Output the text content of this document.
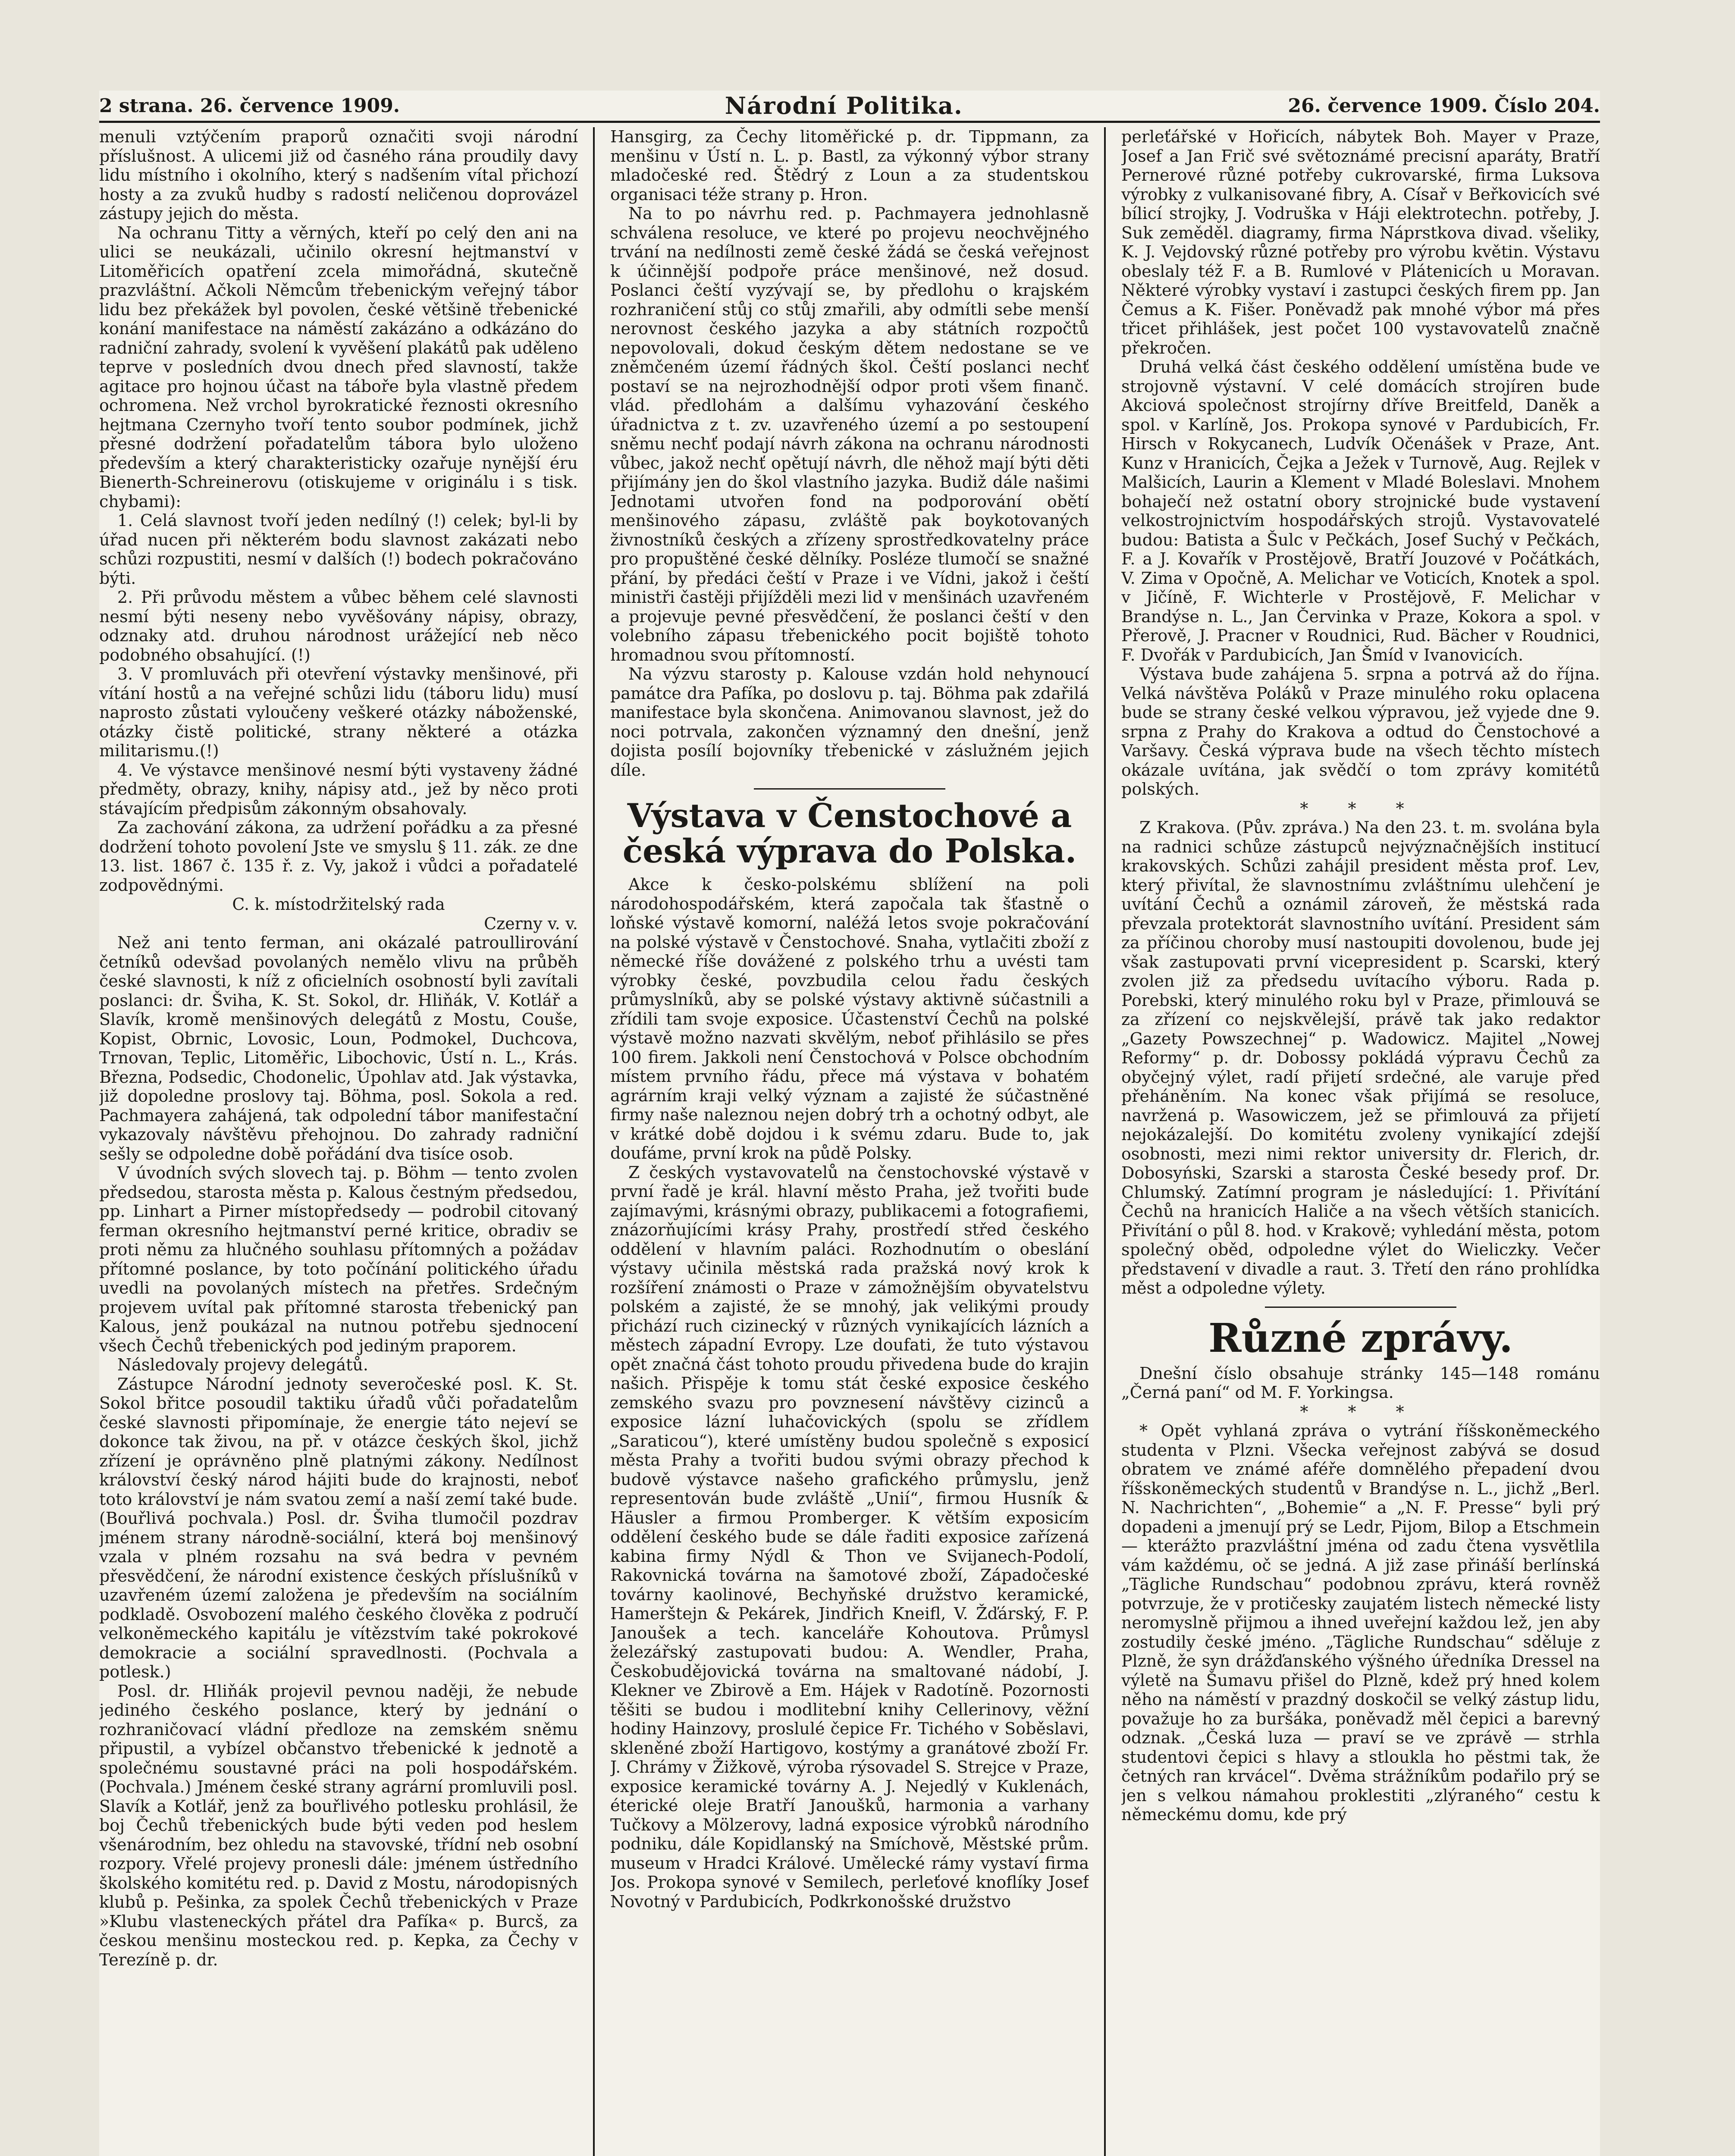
2 strana. 26. července 1909.	Národní Politika.	26. července 1909. Číslo 204.

menuli vztýčením praporů označiti svoji národní příslušnost. A ulicemi již od časného rána proudily davy lidu místního i okolního, který s nadšením vítal přichozí hosty a za zvuků hudby s radostí neličenou doprovázel zástupy jejich do města.

Na ochranu Titty a věrných, kteří po celý den ani na ulici se neukázali, učinilo okresní hejtmanství v Litoměřicích opatření zcela mimořádná, skutečně prazvláštní. Ačkoli Němcům třebenickým veřejný tábor lidu bez překážek byl povolen, české většině třebenické konání manifestace na náměstí zakázáno a odkázáno do radniční zahrady, svolení k vyvěšení plakátů pak uděleno teprve v posledních dvou dnech před slavností, takže agitace pro hojnou účast na táboře byla vlastně předem ochromena. Než vrchol byrokratické řeznosti okresního hejtmana Czernyho tvoří tento soubor podmínek, jichž přesné dodržení pořadatelům tábora bylo uloženo především a který charakteristicky ozařuje nynější éru Bienerth-Schreinerovu (otiskujeme v originálu i s tisk. chybami):

1. Celá slavnost tvoří jeden nedílný (!) celek; byl-li by úřad nucen při některém bodu slavnost zakázati nebo schůzi rozpustiti, nesmí v dalších (!) bodech pokračováno býti.

2. Při průvodu městem a vůbec během celé slavnosti nesmí býti neseny nebo vyvěšovány nápisy, obrazy, odznaky atd. druhou národnost urážející neb něco podobného obsahující. (!)

3. V promluvách při otevření výstavky menšinové, při vítání hostů a na veřejné schůzi lidu (táboru lidu) musí naprosto zůstati vyloučeny veškeré otázky náboženské, otázky čistě politické, strany některé a otázka militarismu.(!)

4. Ve výstavce menšinové nesmí býti vystaveny žádné předměty, obrazy, knihy, nápisy atd., jež by něco proti stávajícím předpisům zákonným obsahovaly.

Za zachování zákona, za udržení pořádku a za přesné dodržení tohoto povolení Jste ve smyslu § 11. zák. ze dne 13. list. 1867 č. 135 ř. z. Vy, jakož i vůdci a pořadatelé zodpovědnými.

C. k. místodržitelský rada

Czerny v. v.

Než ani tento ferman, ani okázalé patroullirování četníků odevšad povolaných nemělo vlivu na průběh české slavnosti, k níž z oficielních osobností byli zavítali poslanci: dr. Šviha, K. St. Sokol, dr. Hliňák, V. Kotlář a Slavík, kromě menšinových delegátů z Mostu, Couše, Kopist, Obrnic, Lovosic, Loun, Podmokel, Duchcova, Trnovan, Teplic, Litoměřic, Libochovic, Ústí n. L., Krás. Března, Podsedic, Chodonelic, Úpohlav atd. Jak výstavka, již dopoledne proslovy taj. Böhma, posl. Sokola a red. Pachmayera zahájená, tak odpolední tábor manifestační vykazovaly návštěvu přehojnou. Do zahrady radniční sešly se odpoledne době pořádání dva tisíce osob.

V úvodních svých slovech taj. p. Böhm — tento zvolen předsedou, starosta města p. Kalous čestným předsedou, pp. Linhart a Pirner místopředsedy — podrobil citovaný ferman okresního hejtmanství perné kritice, obradiv se proti němu za hlučného souhlasu přítomných a požádav přítomné poslance, by toto počínání politického úřadu uvedli na povolaných místech na přetřes. Srdečným projevem uvítal pak přítomné starosta třebenický pan Kalous, jenž poukázal na nutnou potřebu sjednocení všech Čechů třebenických pod jediným praporem.

Následovaly projevy delegátů.

Zástupce Národní jednoty severočeské posl. K. St. Sokol břitce posoudil taktiku úřadů vůči pořadatelům české slavnosti připomínaje, že energie táto nejeví se dokonce tak živou, na př. v otázce českých škol, jichž zřízení je oprávněno plně platnými zákony. Nedílnost království český národ hájiti bude do krajnosti, neboť toto království je nám svatou zemí a naší zemí také bude. (Bouřlivá pochvala.) Posl. dr. Šviha tlumočil pozdrav jménem strany národně-sociální, která boj menšinový vzala v plném rozsahu na svá bedra v pevném přesvědčení, že národní existence českých příslušníků v uzavřeném území založena je především na sociálním podkladě. Osvobození malého českého člověka z područí velkoněmeckého kapitálu je vítězstvím také pokrokové demokracie a sociální spravedlnosti. (Pochvala a potlesk.)

Posl. dr. Hliňák projevil pevnou naději, že nebude jediného českého poslance, který by jednání o rozhraničovací vládní předloze na zemském sněmu připustil, a vybízel občanstvo třebenické k jednotě a společnému soustavné práci na poli hospodářském. (Pochvala.) Jménem české strany agrární promluvili posl. Slavík a Kotlář, jenž za bouřlivého potlesku prohlásil, že boj Čechů třebenických bude býti veden pod heslem všenárodním, bez ohledu na stavovské, třídní neb osobní rozpory. Vřelé projevy pronesli dále: jménem ústředního školského komitétu red. p. David z Mostu, národopisných klubů p. Pešinka, za spolek Čechů třebenických v Praze »Klubu vlasteneckých přátel dra Pafíka« p. Burcš, za českou menšinu mosteckou red. p. Kepka, za Čechy v Terezíně p. dr.

Hansgirg, za Čechy litoměřické p. dr. Tippmann, za menšinu v Ústí n. L. p. Bastl, za výkonný výbor strany mladočeské red. Štědrý z Loun a za studentskou organisaci téže strany p. Hron.

Na to po návrhu red. p. Pachmayera jednohlasně schválena resoluce, ve které po projevu neochvějného trvání na nedílnosti země české žádá se česká veřejnost k účinnější podpoře práce menšinové, než dosud. Poslanci čeští vyzývají se, by předlohu o krajském rozhraničení stůj co stůj zmařili, aby odmítli sebe menší nerovnost českého jazyka a aby státních rozpočtů nepovolovali, dokud českým dětem nedostane se ve zněmčeném území řádných škol. Čeští poslanci nechť postaví se na nejrozhodnější odpor proti všem finanč. vlád. předlohám a dalšímu vyhazování českého úřadnictva z t. zv. uzavřeného území a po sestoupení sněmu nechť podají návrh zákona na ochranu národnosti vůbec, jakož nechť opětují návrh, dle něhož mají býti děti přijímány jen do škol vlastního jazyka. Budiž dále našimi Jednotami utvořen fond na podporování obětí menšinového zápasu, zvláště pak boykotovaných živnostníků českých a zřízeny sprostředkovatelny práce pro propuštěné české dělníky. Posléze tlumočí se snažné přání, by předáci čeští v Praze i ve Vídni, jakož i čeští ministři častěji přijížděli mezi lid v menšinách uzavřeném a projevuje pevné přesvědčení, že poslanci čeští v den volebního zápasu třebenického pocit bojiště tohoto hromadnou svou přítomností.

Na výzvu starosty p. Kalouse vzdán hold nehynoucí památce dra Pafíka, po doslovu p. taj. Böhma pak zdařilá manifestace byla skončena. Animovanou slavnost, jež do noci potrvala, zakončen významný den dnešní, jenž dojista posílí bojovníky třebenické v záslužném jejich díle.

Výstava v Čenstochové a česká výprava do Polska.

Akce k česko-polskému sblížení na poli národohospodářském, která započala tak šťastně o loňské výstavě komorní, naléžá letos svoje pokračování na polské výstavě v Čenstochové. Snaha, vytlačiti zboží z německé říše dovážené z polského trhu a uvésti tam výrobky české, povzbudila celou řadu českých průmyslníků, aby se polské výstavy aktivně súčastnili a zřídili tam svoje exposice. Účastenství Čechů na polské výstavě možno nazvati skvělým, neboť přihlásilo se přes 100 firem. Jakkoli není Čenstochová v Polsce obchodním místem prvního řádu, přece má výstava v bohatém agrárním kraji velký význam a zajisté že súčastněné firmy naše naleznou nejen dobrý trh a ochotný odbyt, ale v krátké době dojdou i k svému zdaru. Bude to, jak doufáme, první krok na půdě Polsky.

Z českých vystavovatelů na čenstochovské výstavě v první řadě je král. hlavní město Praha, jež tvořiti bude zajímavými, krásnými obrazy, publikacemi a fotografiemi, znázorňujícími krásy Prahy, prostředí střed českého oddělení v hlavním paláci. Rozhodnutím o obeslání výstavy učinila městská rada pražská nový krok k rozšíření známosti o Praze v zámožnějším obyvatelstvu polském a zajisté, že se mnohý, jak velikými proudy přichází ruch cizinecký v různých vynikajících lázních a městech západní Evropy. Lze doufati, že tuto výstavou opět značná část tohoto proudu přivedena bude do krajin našich. Přispěje k tomu stát české exposice českého zemského svazu pro povznesení návštěvy cizinců a exposice lázní luhačovických (spolu se zřídlem „Saraticou“), které umístěny budou společně s exposicí města Prahy a tvořiti budou svými obrazy přechod k budově výstavce našeho grafického průmyslu, jenž representován bude zvláště „Unií“, firmou Husník & Häusler a firmou Promberger. K větším exposicím oddělení českého bude se dále řaditi exposice zařízená kabina firmy Nýdl & Thon ve Svijanech-Podolí, Rakovnická továrna na šamotové zboží, Západočeské továrny kaolinové, Bechyňské družstvo keramické, Hamerštejn & Pekárek, Jindřich Kneifl, V. Žďárský, F. P. Janoušek a tech. kanceláře Kohoutova. Průmysl železářský zastupovati budou: A. Wendler, Praha, Českobudějovická továrna na smaltované nádobí, J. Klekner ve Zbirově a Em. Hájek v Radotíně. Pozornosti těšiti se budou i modlitební knihy Cellerinovy, věžní hodiny Hainzovy, proslulé čepice Fr. Tichého v Soběslavi, skleněné zboží Hartigovo, kostýmy a granátové zboží Fr. J. Chrámy v Žižkově, výroba rýsovadel S. Strejce v Praze, exposice keramické továrny A. J. Nejedlý v Kuklenách, éterické oleje Bratří Janoušků, harmonia a varhany Tučkovy a Mölzerovy, ladná exposice výrobků národního podniku, dále Kopidlanský na Smíchově, Městské prům. museum v Hradci Králové. Umělecké rámy vystaví firma Jos. Prokopa synové v Semilech, perleťové knoflíky Josef Novotný v Pardubicích, Podkrkonošské družstvo

perleťářské v Hořicích, nábytek Boh. Mayer v Praze, Josef a Jan Frič své světoznámé precisní aparáty, Bratří Pernerové různé potřeby cukrovarské, firma Luksova výrobky z vulkanisované fibry, A. Císař v Beřkovicích své bílicí strojky, J. Vodruška v Háji elektrotechn. potřeby, J. Suk zeměděl. diagramy, firma Náprstkova divad. všeliky, K. J. Vejdovský různé potřeby pro výrobu květin. Výstavu obeslaly též F. a B. Rumlové v Plátenicích u Moravan. Některé výrobky vystaví i zastupci českých firem pp. Jan Čemus a K. Fišer. Poněvadž pak mnohé výbor má přes třicet přihlášek, jest počet 100 vystavovatelů značně překročen.

Druhá velká část českého oddělení umístěna bude ve strojovně výstavní. V celé domácích strojíren bude Akciová společnost strojírny dříve Breitfeld, Daněk a spol. v Karlíně, Jos. Prokopa synové v Pardubicích, Fr. Hirsch v Rokycanech, Ludvík Očenášek v Praze, Ant. Kunz v Hranicích, Čejka a Ježek v Turnově, Aug. Rejlek v Malšicích, Laurin a Klement v Mladé Boleslavi. Mnohem bohaječí než ostatní obory strojnické bude vystavení velkostrojnictvím hospodářských strojů. Vystavovatelé budou: Batista a Šulc v Pečkách, Josef Suchý v Pečkách, F. a J. Kovařík v Prostějově, Bratří Jouzové v Počátkách, V. Zima v Opočně, A. Melichar ve Voticích, Knotek a spol. v Jičíně, F. Wichterle v Prostějově, F. Melichar v Brandýse n. L., Jan Červinka v Praze, Kokora a spol. v Přerově, J. Pracner v Roudnici, Rud. Bächer v Roudnici, F. Dvořák v Pardubicích, Jan Šmíd v Ivanovicích.

Výstava bude zahájena 5. srpna a potrvá až do října. Velká návštěva Poláků v Praze minulého roku oplacena bude se strany české velkou výpravou, jež vyjede dne 9. srpna z Prahy do Krakova a odtud do Čenstochové a Varšavy. Česká výprava bude na všech těchto místech okázale uvítána, jak svědčí o tom zprávy komitétů polských.

* * *

Z Krakova. (Pův. zpráva.) Na den 23. t. m. svolána byla na radnici schůze zástupců nejvýznačnějších institucí krakovských. Schůzi zahájil president města prof. Lev, který přivítal, že slavnostnímu zvláštnímu ulehčení je uvítání Čechů a oznámil zároveň, že městská rada převzala protektorát slavnostního uvítání. President sám za příčinou choroby musí nastoupiti dovolenou, bude jej však zastupovati první vicepresident p. Scarski, který zvolen již za předsedu uvítacího výboru. Rada p. Porebski, který minulého roku byl v Praze, přimlouvá se za zřízení co nejskvělejší, právě tak jako redaktor „Gazety Powszechnej“ p. Wadowicz. Majitel „Nowej Reformy“ p. dr. Dobossy pokládá výpravu Čechů za obyčejný výlet, radí přijetí srdečné, ale varuje před přeháněním. Na konec však přijímá se resoluce, navržená p. Wasowiczem, jež se přimlouvá za přijetí nejokázalejší. Do komitétu zvoleny vynikající zdejší osobnosti, mezi nimi rektor university dr. Flerich, dr. Dobosyński, Szarski a starosta České besedy prof. Dr. Chlumský. Zatímní program je následující: 1. Přivítání Čechů na hranicích Haliče a na všech větších stanicích. Přivítání o půl 8. hod. v Krakově; vyhledání města, potom společný oběd, odpoledne výlet do Wieliczky. Večer představení v divadle a raut. 3. Třetí den ráno prohlídka měst a odpoledne výlety.

Různé zprávy.

Dnešní číslo obsahuje stránky 145—148 románu „Černá paní“ od M. F. Yorkingsa.

* * *

* Opět vyhlaná zpráva o vytrání říšskoněmeckého studenta v Plzni. Všecka veřejnost zabývá se dosud obratem ve známé aféře domnělého přepadení dvou říšskoněmeckých studentů v Brandýse n. L., jichž „Berl. N. Nachrichten“, „Bohemie“ a „N. F. Presse“ byli prý dopadeni a jmenují prý se Ledr, Pijom, Bilop a Etschmein — kterážto prazvláštní jména od zadu čtena vysvětlila vám každému, oč se jedná. A již zase přináší berlínská „Tägliche Rundschau“ podobnou zprávu, která rovněž potvrzuje, že v protičesky zaujatém listech německé listy neromyslně přijmou a ihned uveřejní každou lež, jen aby zostudily české jméno. „Tägliche Rundschau“ sděluje z Plzně, že syn drážďanského výšného úředníka Dressel na výletě na Šumavu přišel do Plzně, kdež prý hned kolem něho na náměstí v prazdný doskočil se velký zástup lidu, považuje ho za buršáka, poněvadž měl čepici a barevný odznak. „Česká luza — praví se ve zprávě — strhla studentovi čepici s hlavy a stloukla ho pěstmi tak, že četných ran krvácel“. Dvěma strážníkům podařilo prý se jen s velkou námahou proklestiti „zlýraného“ cestu k německému domu, kde prý
